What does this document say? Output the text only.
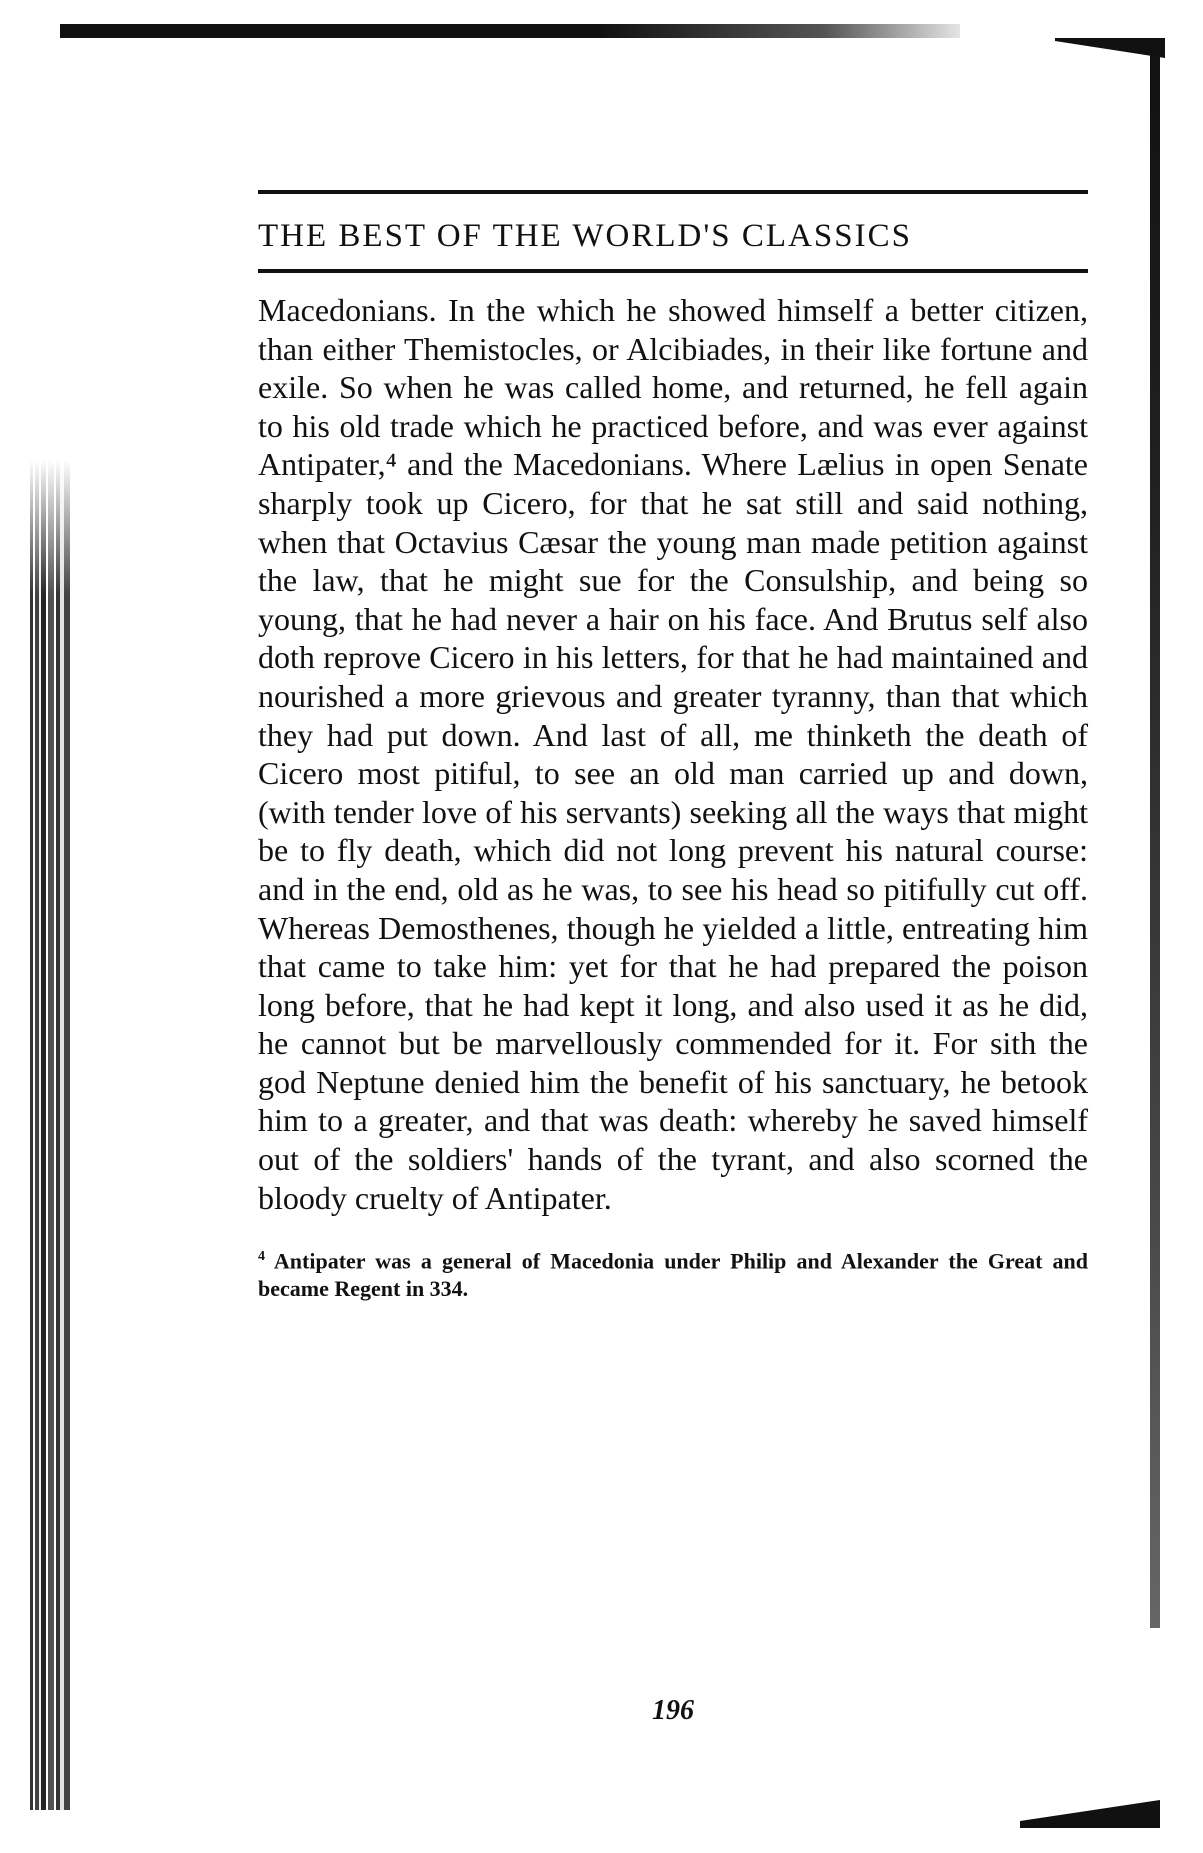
THE BEST OF THE WORLD'S CLASSICS

Macedonians. In the which he showed himself a better citizen, than either Themistocles, or Alcibiades, in their like fortune and exile. So when he was called home, and returned, he fell again to his old trade which he practiced before, and was ever against Antipater,⁴ and the Macedonians. Where Lælius in open Senate sharply took up Cicero, for that he sat still and said nothing, when that Octavius Cæsar the young man made petition against the law, that he might sue for the Consulship, and being so young, that he had never a hair on his face. And Brutus self also doth reprove Cicero in his letters, for that he had maintained and nourished a more grievous and greater tyranny, than that which they had put down. And last of all, me thinketh the death of Cicero most pitiful, to see an old man carried up and down, (with tender love of his servants) seeking all the ways that might be to fly death, which did not long prevent his natural course: and in the end, old as he was, to see his head so pitifully cut off. Whereas Demosthenes, though he yielded a little, entreating him that came to take him: yet for that he had prepared the poison long before, that he had kept it long, and also used it as he did, he cannot but be marvellously commended for it. For sith the god Neptune denied him the benefit of his sanctuary, he betook him to a greater, and that was death: whereby he saved himself out of the soldiers' hands of the tyrant, and also scorned the bloody cruelty of Antipater.

$^4$ Antipater was a general of Macedonia under Philip and Alexander the Great and became Regent in 334.
196
